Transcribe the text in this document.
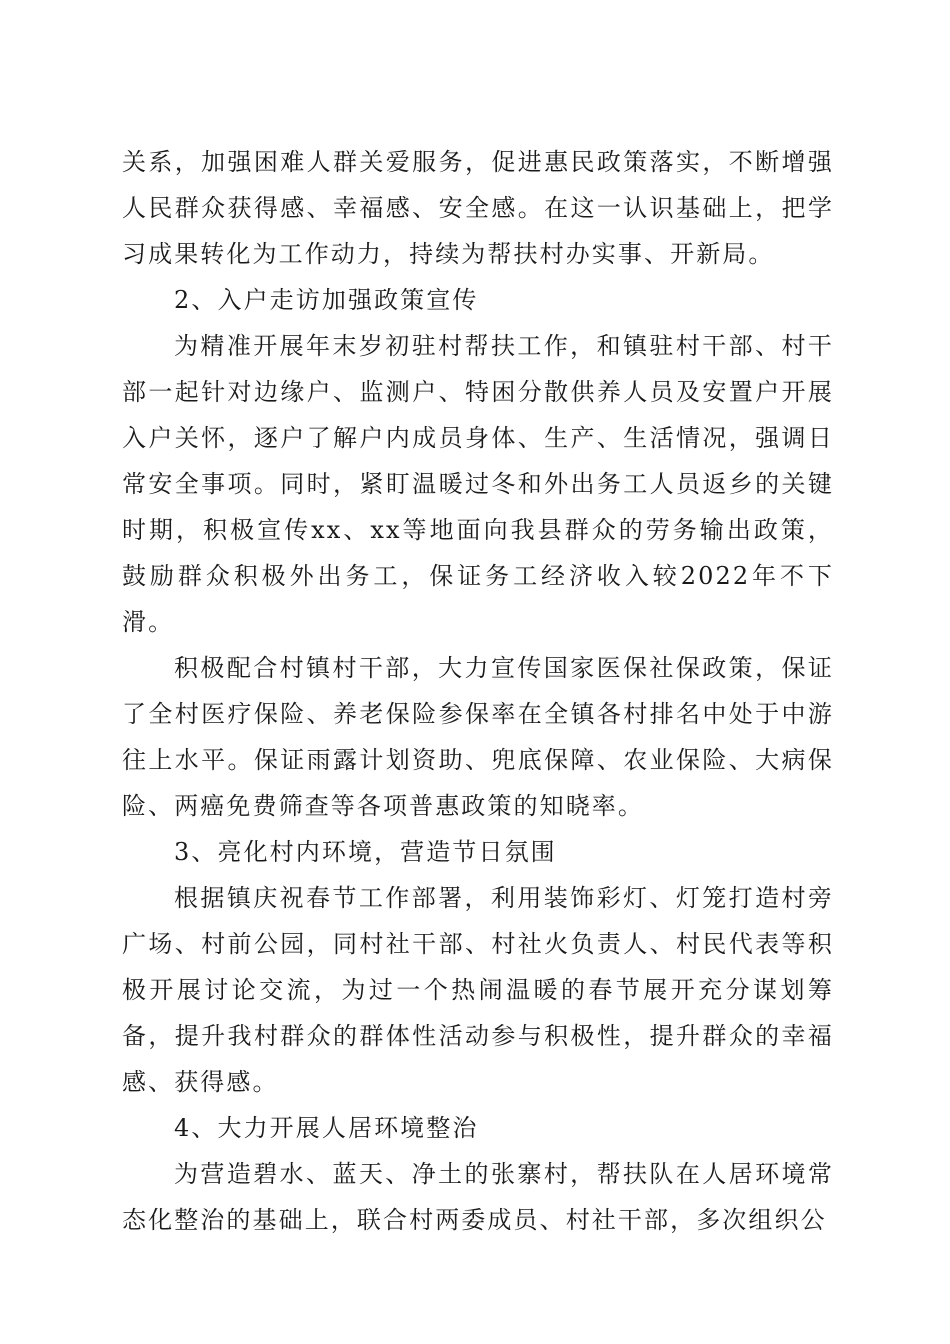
关系，加强困难人群关爱服务，促进惠民政策落实，不断增强人民群众获得感、幸福感、安全感。在这一认识基础上，把学习成果转化为工作动力，持续为帮扶村办实事、开新局。

2、入户走访加强政策宣传

为精准开展年末岁初驻村帮扶工作，和镇驻村干部、村干部一起针对边缘户、监测户、特困分散供养人员及安置户开展入户关怀，逐户了解户内成员身体、生产、生活情况，强调日常安全事项。同时，紧盯温暖过冬和外出务工人员返乡的关键时期，积极宣传xx、xx等地面向我县群众的劳务输出政策，鼓励群众积极外出务工，保证务工经济收入较2022年不下滑。

积极配合村镇村干部，大力宣传国家医保社保政策，保证了全村医疗保险、养老保险参保率在全镇各村排名中处于中游往上水平。保证雨露计划资助、兜底保障、农业保险、大病保险、两癌免费筛查等各项普惠政策的知晓率。

3、亮化村内环境，营造节日氛围

根据镇庆祝春节工作部署，利用装饰彩灯、灯笼打造村旁广场、村前公园，同村社干部、村社火负责人、村民代表等积极开展讨论交流，为过一个热闹温暖的春节展开充分谋划筹备，提升我村群众的群体性活动参与积极性，提升群众的幸福感、获得感。

4、大力开展人居环境整治

为营造碧水、蓝天、净土的张寨村，帮扶队在人居环境常态化整治的基础上，联合村两委成员、村社干部，多次组织公
